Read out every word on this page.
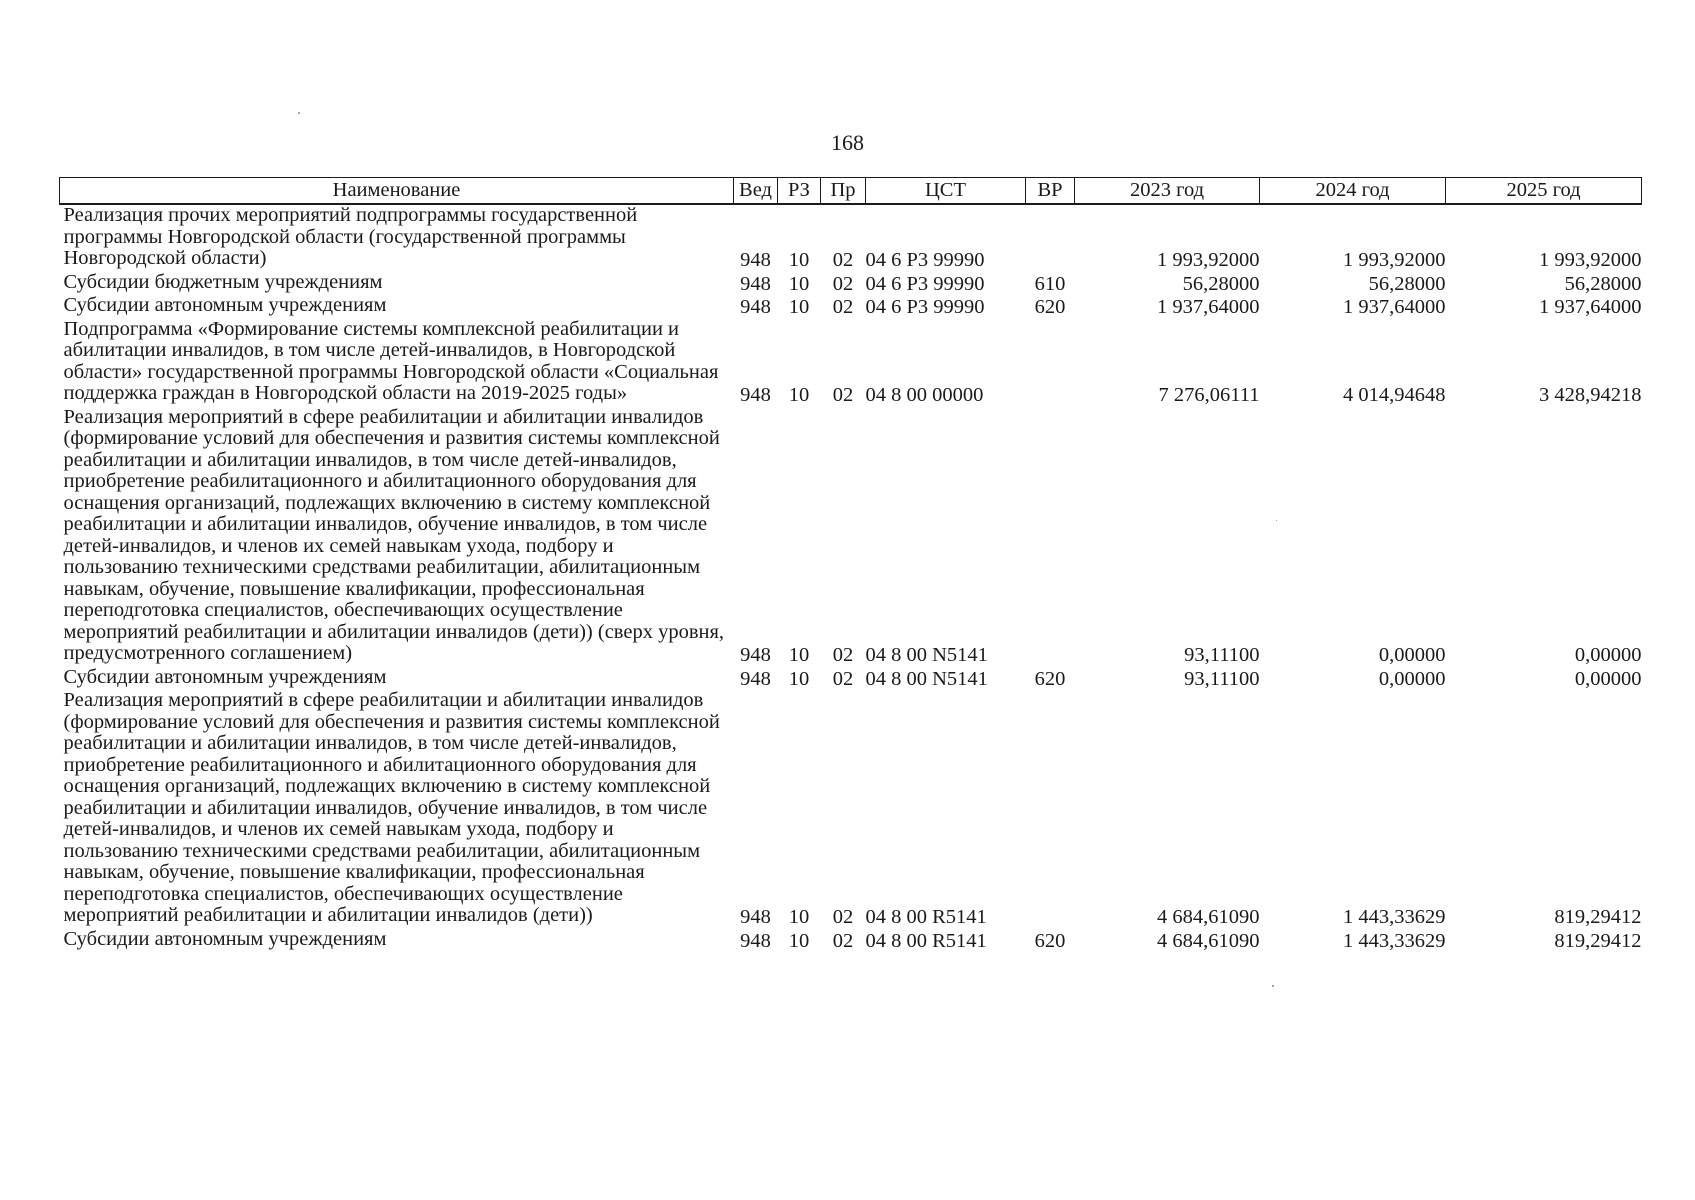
168
Наименование	Вед	РЗ	Пр	ЦСТ	ВР	2023 год	2024 год	2025 год

Реализация прочих мероприятий подпрограммы государственной программы Новгородской области (государственной программы Новгородской области)	948	10	02	04 6 Р3 99990		1 993,92000	1 993,92000	1 993,92000

Субсидии бюджетным учреждениям	948	10	02	04 6 Р3 99990	610	56,28000	56,28000	56,28000

Субсидии автономным учреждениям	948	10	02	04 6 Р3 99990	620	1 937,64000	1 937,64000	1 937,64000

Подпрограмма «Формирование системы комплексной реабилитации и абилитации инвалидов, в том числе детей-инвалидов, в Новгородской области» государственной программы Новгородской области «Социальная поддержка граждан в Новгородской области на 2019-2025 годы»	948	10	02	04 8 00 00000		7 276,06111	4 014,94648	3 428,94218

Реализация мероприятий в сфере реабилитации и абилитации инвалидов (формирование условий для обеспечения и развития системы комплексной реабилитации и абилитации инвалидов, в том числе детей-инвалидов, приобретение реабилитационного и абилитационного оборудования для оснащения организаций, подлежащих включению в систему комплексной реабилитации и абилитации инвалидов, обучение инвалидов, в том числе детей-инвалидов, и членов их семей навыкам ухода, подбору и пользованию техническими средствами реабилитации, абилитационным навыкам, обучение, повышение квалификации, профессиональная переподготовка специалистов, обеспечивающих осуществление мероприятий реабилитации и абилитации инвалидов (дети)) (сверх уровня, предусмотренного соглашением)	948	10	02	04 8 00 N5141		93,11100	0,00000	0,00000

Субсидии автономным учреждениям	948	10	02	04 8 00 N5141	620	93,11100	0,00000	0,00000

Реализация мероприятий в сфере реабилитации и абилитации инвалидов (формирование условий для обеспечения и развития системы комплексной реабилитации и абилитации инвалидов, в том числе детей-инвалидов, приобретение реабилитационного и абилитационного оборудования для оснащения организаций, подлежащих включению в систему комплексной реабилитации и абилитации инвалидов, обучение инвалидов, в том числе детей-инвалидов, и членов их семей навыкам ухода, подбору и пользованию техническими средствами реабилитации, абилитационным навыкам, обучение, повышение квалификации, профессиональная переподготовка специалистов, обеспечивающих осуществление мероприятий реабилитации и абилитации инвалидов (дети))	948	10	02	04 8 00 R5141		4 684,61090	1 443,33629	819,29412

Субсидии автономным учреждениям	948	10	02	04 8 00 R5141	620	4 684,61090	1 443,33629	819,29412
